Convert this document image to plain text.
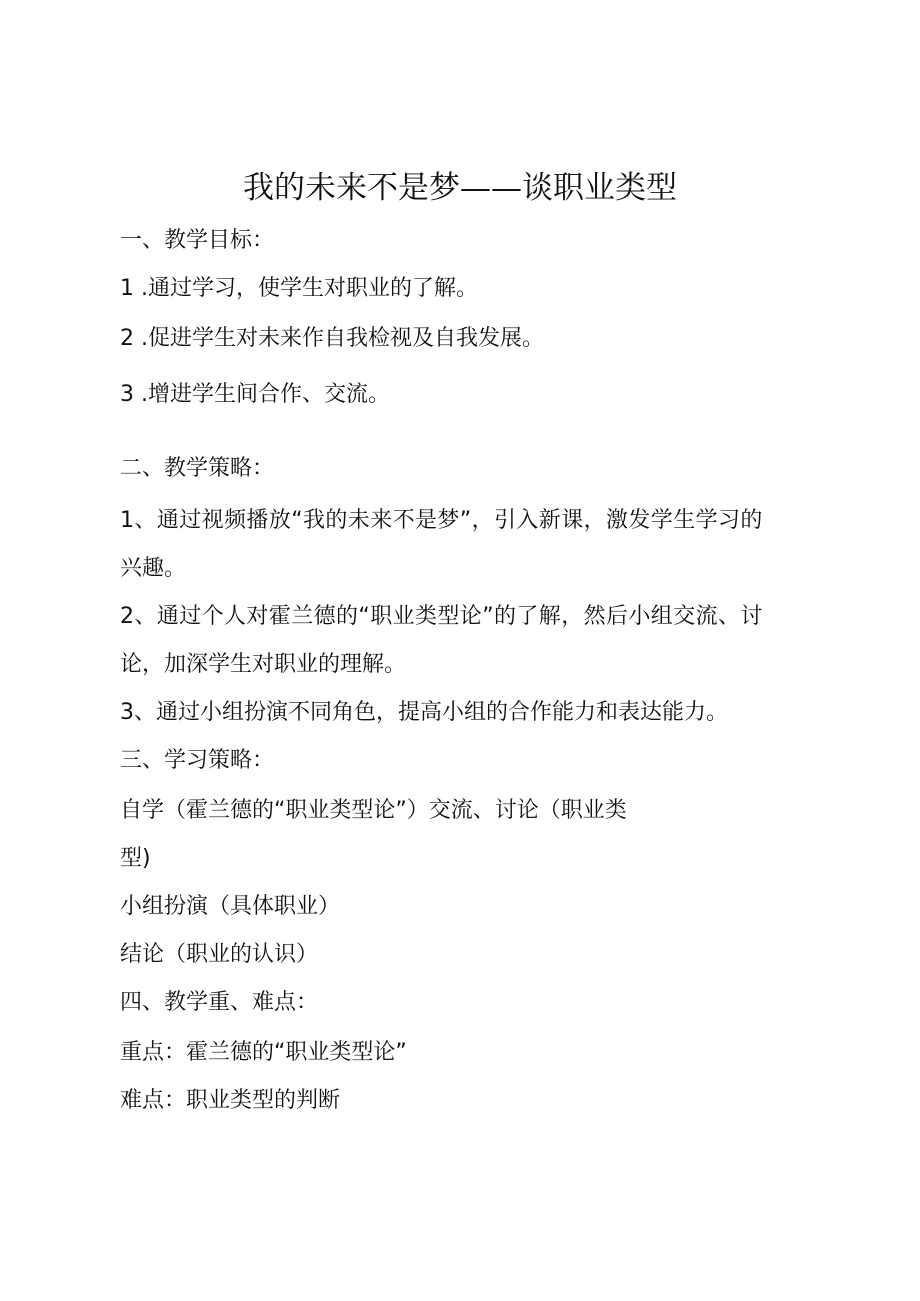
我的未来不是梦——谈职业类型
一、教学目标：
1 .通过学习，使学生对职业的了解。
2 .促进学生对未来作自我检视及自我发展。
3 .增进学生间合作、交流。
二、教学策略：
1、通过视频播放“我的未来不是梦”，引入新课，激发学生学习的
兴趣。
2、通过个人对霍兰德的“职业类型论”的了解，然后小组交流、讨
论，加深学生对职业的理解。
3、通过小组扮演不同角色，提高小组的合作能力和表达能力。
三、学习策略：
自学（霍兰德的“职业类型论”）交流、讨论（职业类
型)
小组扮演（具体职业）
结论（职业的认识）
四、教学重、难点：
重点：霍兰德的“职业类型论”
难点：职业类型的判断
